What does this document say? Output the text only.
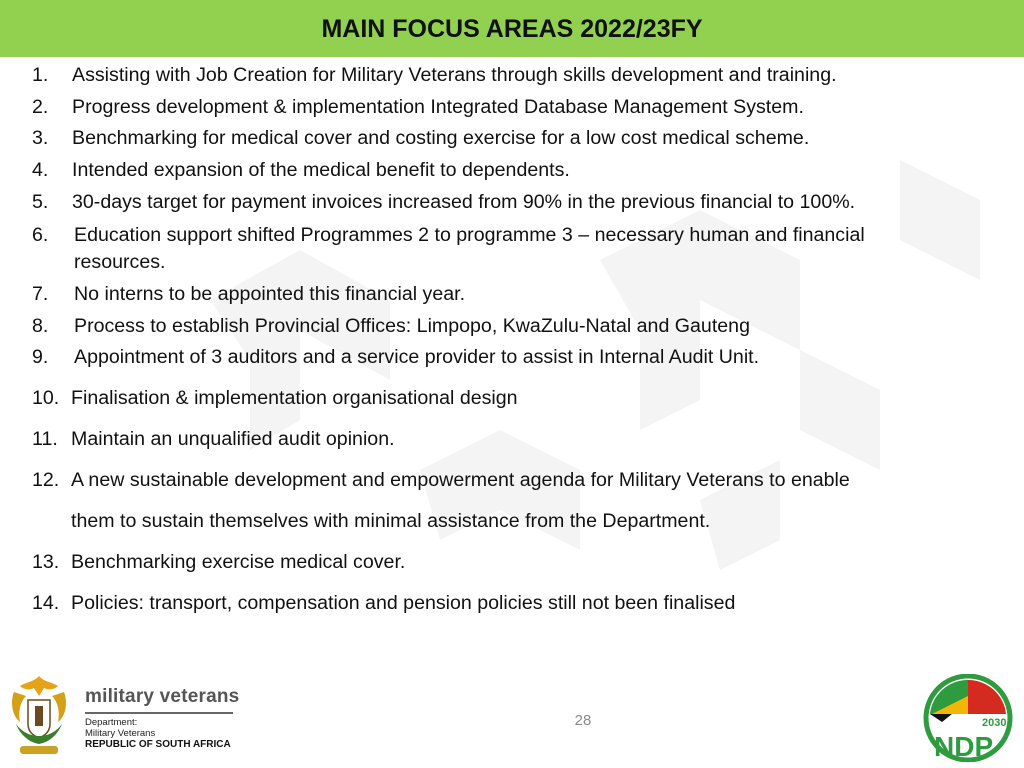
MAIN FOCUS AREAS 2022/23FY
1. Assisting with Job Creation for Military Veterans through skills development and training.
2. Progress development & implementation Integrated Database Management System.
3. Benchmarking for medical cover and costing exercise for a low cost medical scheme.
4. Intended expansion of the medical benefit to dependents.
5. 30-days target for payment invoices increased from 90% in the previous financial to 100%.
6. Education support shifted Programmes 2 to programme 3 – necessary human and financial
resources.
7. No interns to be appointed this financial year.
8. Process to establish Provincial Offices: Limpopo, KwaZulu-Natal and Gauteng
9. Appointment of 3 auditors and a service provider to assist in Internal Audit Unit.
10. Finalisation & implementation organisational design
11. Maintain an unqualified audit opinion.
12. A new sustainable development and empowerment agenda for Military Veterans to enable
them to sustain themselves with minimal assistance from the Department.
13. Benchmarking exercise medical cover.
14. Policies: transport, compensation and pension policies still not been finalised
28
military veterans
Department:
Military Veterans
REPUBLIC OF SOUTH AFRICA
2030
NDP
